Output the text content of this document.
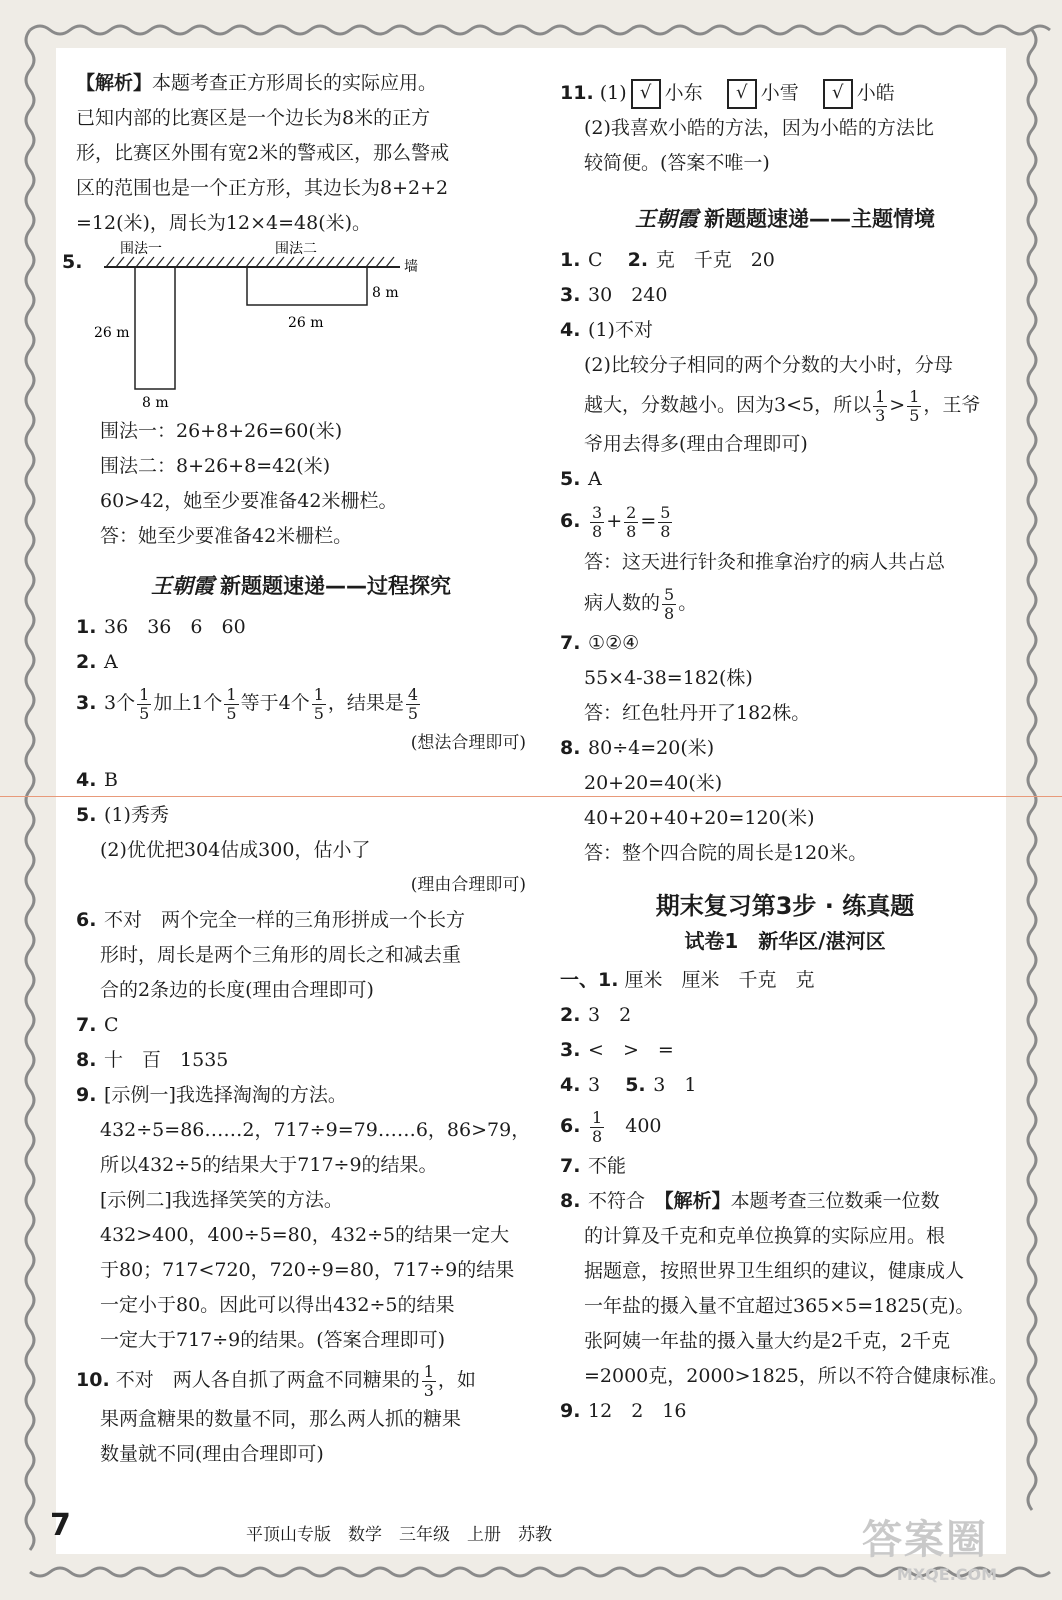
【解析】本题考查正方形周长的实际应用。
已知内部的比赛区是一个边长为8米的正方
形，比赛区外围有宽2米的警戒区，那么警戒
区的范围也是一个正方形，其边长为8+2+2
=12(米)，周长为12×4=48(米)。
5.
围法一	围法二
墙
26 m
8 m
26 m
8 m
围法一：26+8+26=60(米)
围法二：8+26+8=42(米)
60>42，她至少要准备42米栅栏。
答：她至少要准备42米栅栏。
王朝霞 新题题速递——过程探究
1. 36　36　6　60
2. A
3. 3个 $\frac{1}{5}$ 加上1个 $\frac{1}{5}$ 等于4个 $\frac{1}{5}$ ，结果是 $\frac{4}{5}$
(想法合理即可)
4. B
5. (1)秀秀
(2)优优把304估成300，估小了
(理由合理即可)
6. 不对　两个完全一样的三角形拼成一个长方
形时，周长是两个三角形的周长之和减去重
合的2条边的长度(理由合理即可)
7. C
8. 十　百　1535
9. [示例一]我选择淘淘的方法。
432÷5=86……2，717÷9=79……6，86>79，
所以432÷5的结果大于717÷9的结果。
[示例二]我选择笑笑的方法。
432>400，400÷5=80，432÷5的结果一定大
于80；717<720，720÷9=80，717÷9的结果
一定小于80。因此可以得出432÷5的结果
一定大于717÷9的结果。(答案合理即可)
10. 不对　两人各自抓了两盒不同糖果的 $\frac{1}{3}$ ，如
果两盒糖果的数量不同，那么两人抓的糖果
数量就不同(理由合理即可)
11. (1) √ 小东 √ 小雪 √ 小皓
(2)我喜欢小皓的方法，因为小皓的方法比
较简便。(答案不唯一)
王朝霞 新题题速递——主题情境
1. C　 2. 克　千克　20
3. 30　240
4. (1)不对
(2)比较分子相同的两个分数的大小时，分母
越大，分数越小。因为3<5，所以 $\frac{1}{3} > \frac{1}{5}$ ，王爷
爷用去得多(理由合理即可)
5. A
6. $\frac{3}{8} + \frac{2}{8} = \frac{5}{8}$
答：这天进行针灸和推拿治疗的病人共占总
病人数的 $\frac{5}{8}$ 。
7. ①②④
55×4-38=182(株)
答：红色牡丹开了182株。
8. 80÷4=20(米)
20+20=40(米)
40+20+40+20=120(米)
答：整个四合院的周长是120米。
期末复习第3步 · 练真题
试卷1　新华区/湛河区
一、1. 厘米　厘米　千克　克
2. 3　2
3. <　>　=
4. 3　 5. 3　1
6. $\frac{1}{8}$ 　400
7. 不能
8. 不符合　【解析】本题考查三位数乘一位数
的计算及千克和克单位换算的实际应用。根
据题意，按照世界卫生组织的建议，健康成人
一年盐的摄入量不宜超过365×5=1825(克)。
张阿姨一年盐的摄入量大约是2千克，2千克
=2000克，2000>1825，所以不符合健康标准。
9. 12　2　16
7	平顶山专版　数学　三年级　上册　苏教	答案圈
MXQE.COM
